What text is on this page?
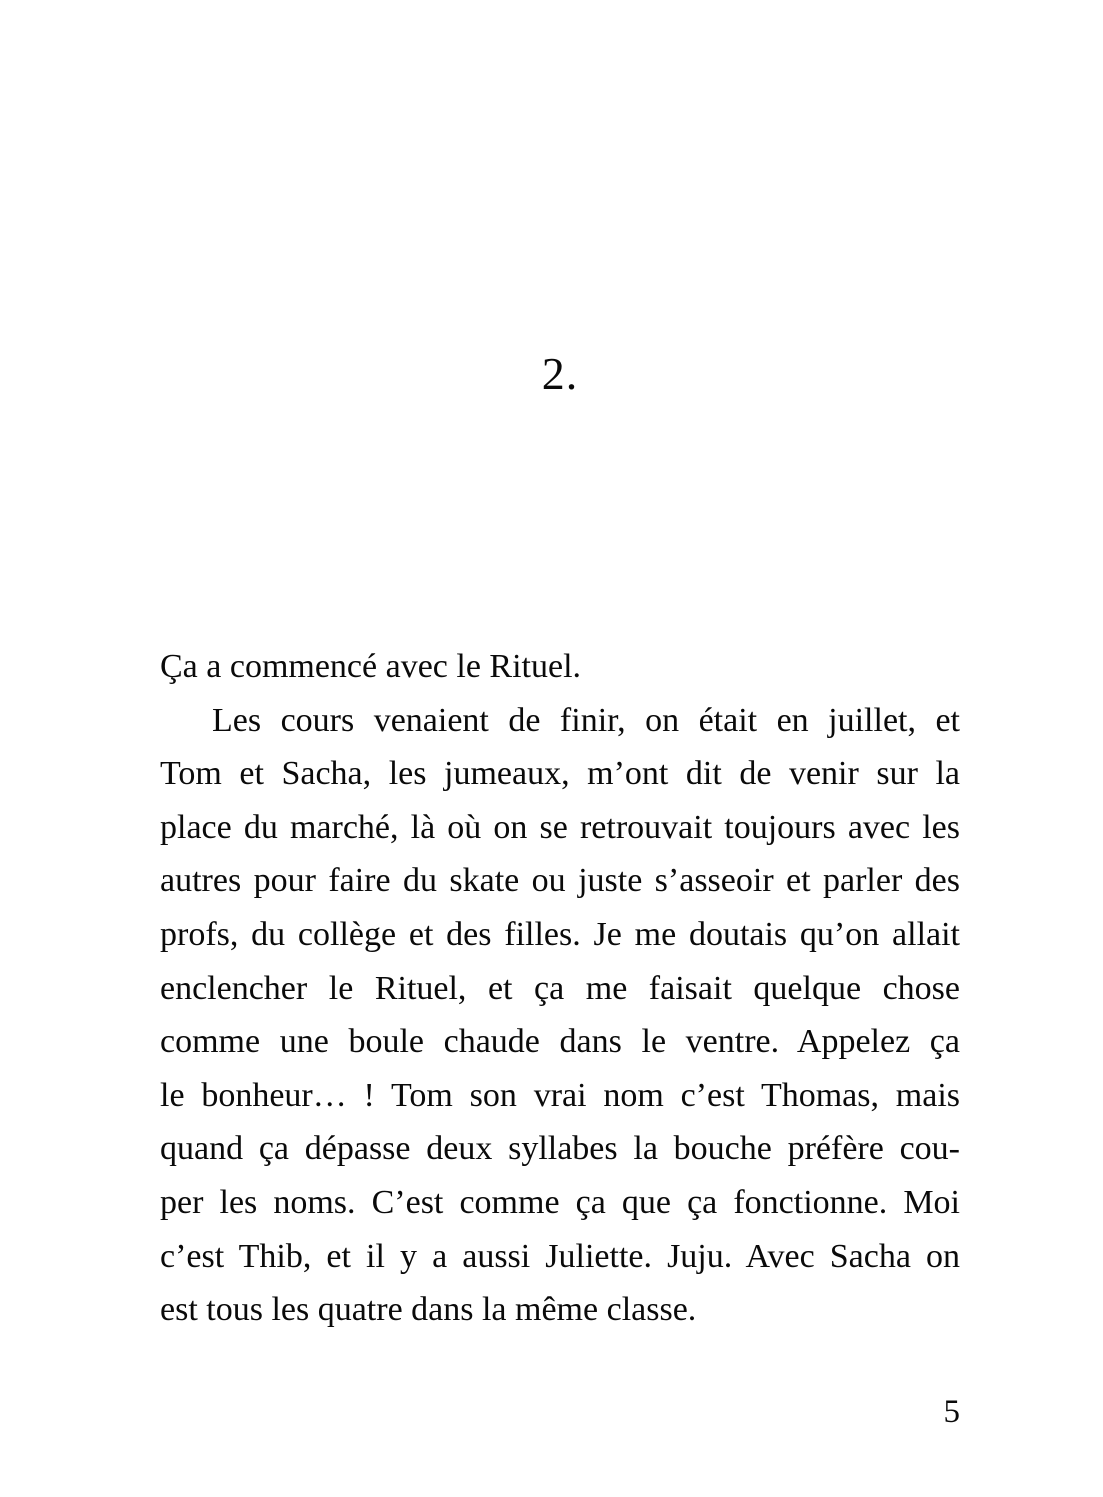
2.
Ça a commencé avec le Rituel.
Les cours venaient de finir, on était en juillet, et
Tom et Sacha, les jumeaux, m’ont dit de venir sur la
place du marché, là où on se retrouvait toujours avec les
autres pour faire du skate ou juste s’asseoir et parler des
profs, du collège et des filles. Je me doutais qu’on allait
enclencher le Rituel, et ça me faisait quelque chose
comme une boule chaude dans le ventre. Appelez ça
le bonheur… ! Tom son vrai nom c’est Thomas, mais
quand ça dépasse deux syllabes la bouche préfère cou-
per les noms. C’est comme ça que ça fonctionne. Moi
c’est Thib, et il y a aussi Juliette. Juju. Avec Sacha on
est tous les quatre dans la même classe.
5
